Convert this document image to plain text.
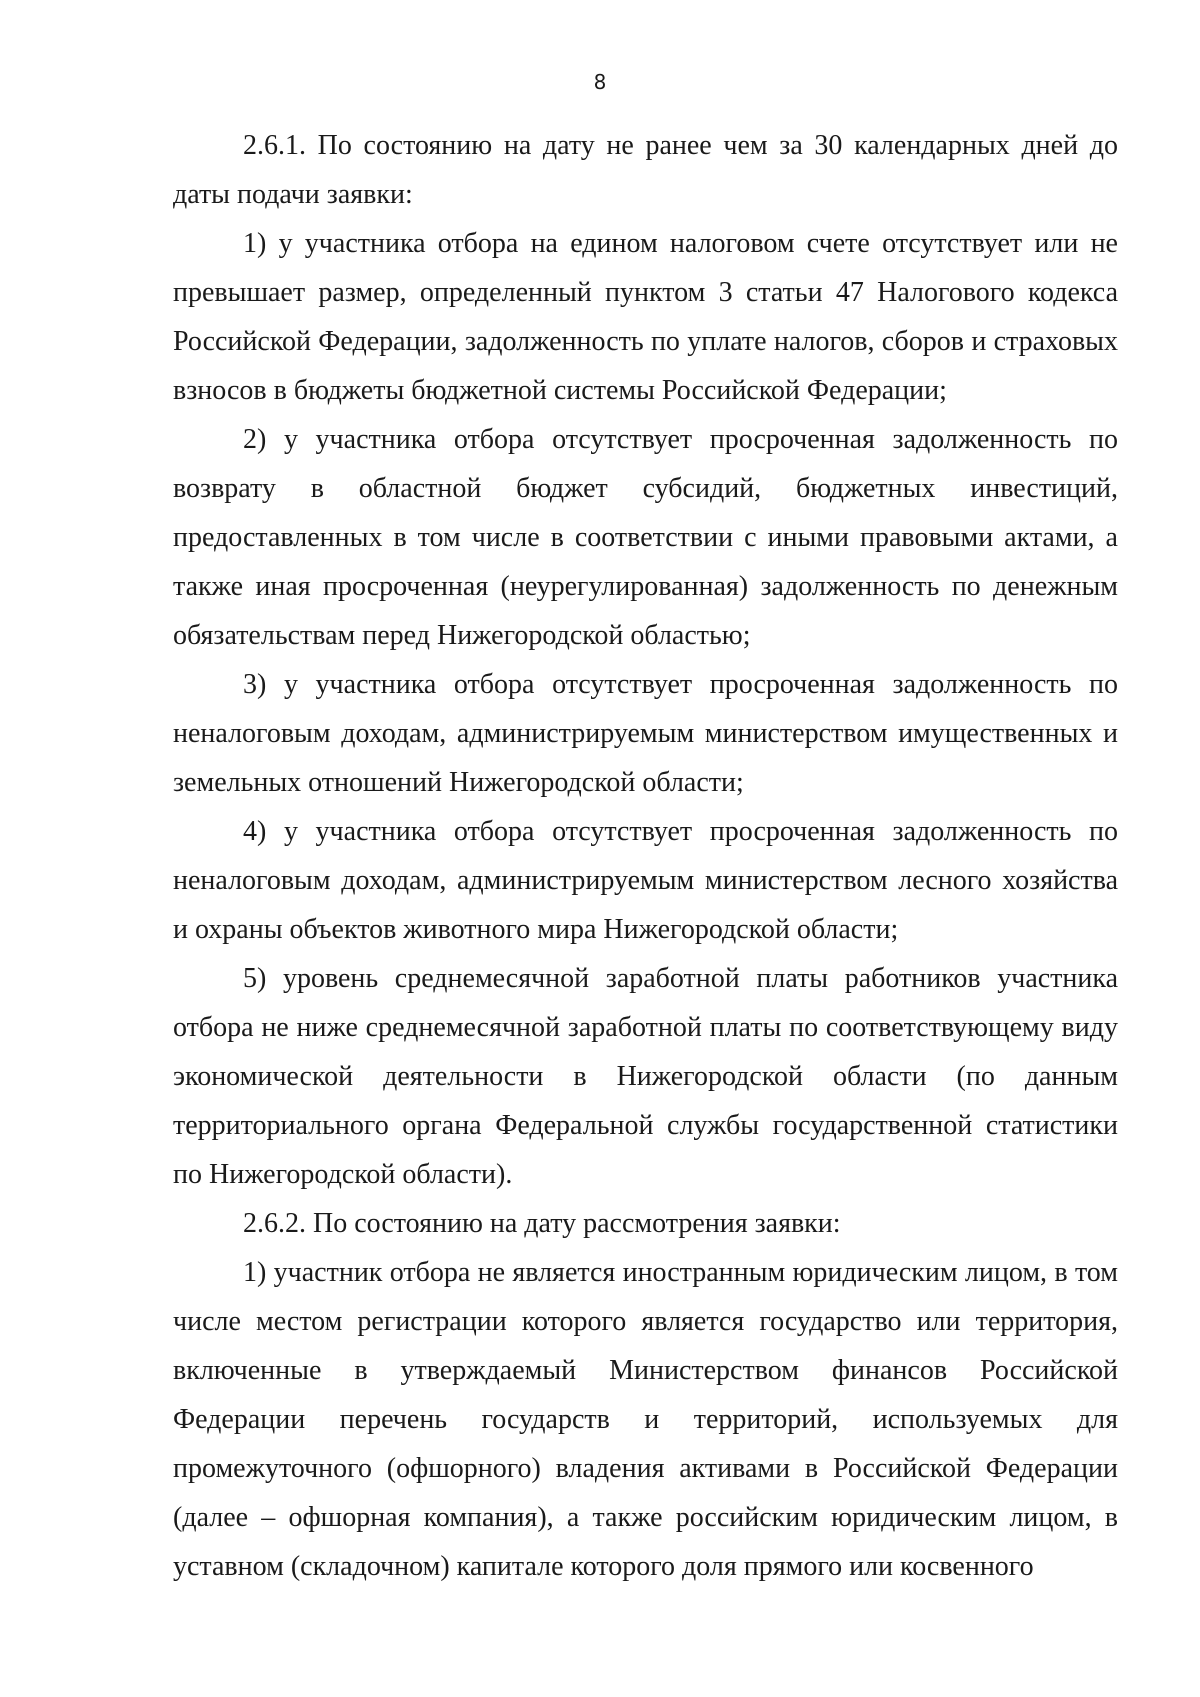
8

2.6.1. По состоянию на дату не ранее чем за 30 календарных дней до даты подачи заявки:

1) у участника отбора на едином налоговом счете отсутствует или не превышает размер, определенный пунктом 3 статьи 47 Налогового кодекса Российской Федерации, задолженность по уплате налогов, сборов и страховых взносов в бюджеты бюджетной системы Российской Федерации;

2) у участника отбора отсутствует просроченная задолженность по возврату в областной бюджет субсидий, бюджетных инвестиций, предоставленных в том числе в соответствии с иными правовыми актами, а также иная просроченная (неурегулированная) задолженность по денежным обязательствам перед Нижегородской областью;

3) у участника отбора отсутствует просроченная задолженность по неналоговым доходам, администрируемым министерством имущественных и земельных отношений Нижегородской области;

4) у участника отбора отсутствует просроченная задолженность по неналоговым доходам, администрируемым министерством лесного хозяйства и охраны объектов животного мира Нижегородской области;

5) уровень среднемесячной заработной платы работников участника отбора не ниже среднемесячной заработной платы по соответствующему виду экономической деятельности в Нижегородской области (по данным территориального органа Федеральной службы государственной статистики по Нижегородской области).

2.6.2. По состоянию на дату рассмотрения заявки:

1) участник отбора не является иностранным юридическим лицом, в том числе местом регистрации которого является государство или территория, включенные в утверждаемый Министерством финансов Российской Федерации перечень государств и территорий, используемых для промежуточного (офшорного) владения активами в Российской Федерации (далее – офшорная компания), а также российским юридическим лицом, в уставном (складочном) капитале которого доля прямого или косвенного
